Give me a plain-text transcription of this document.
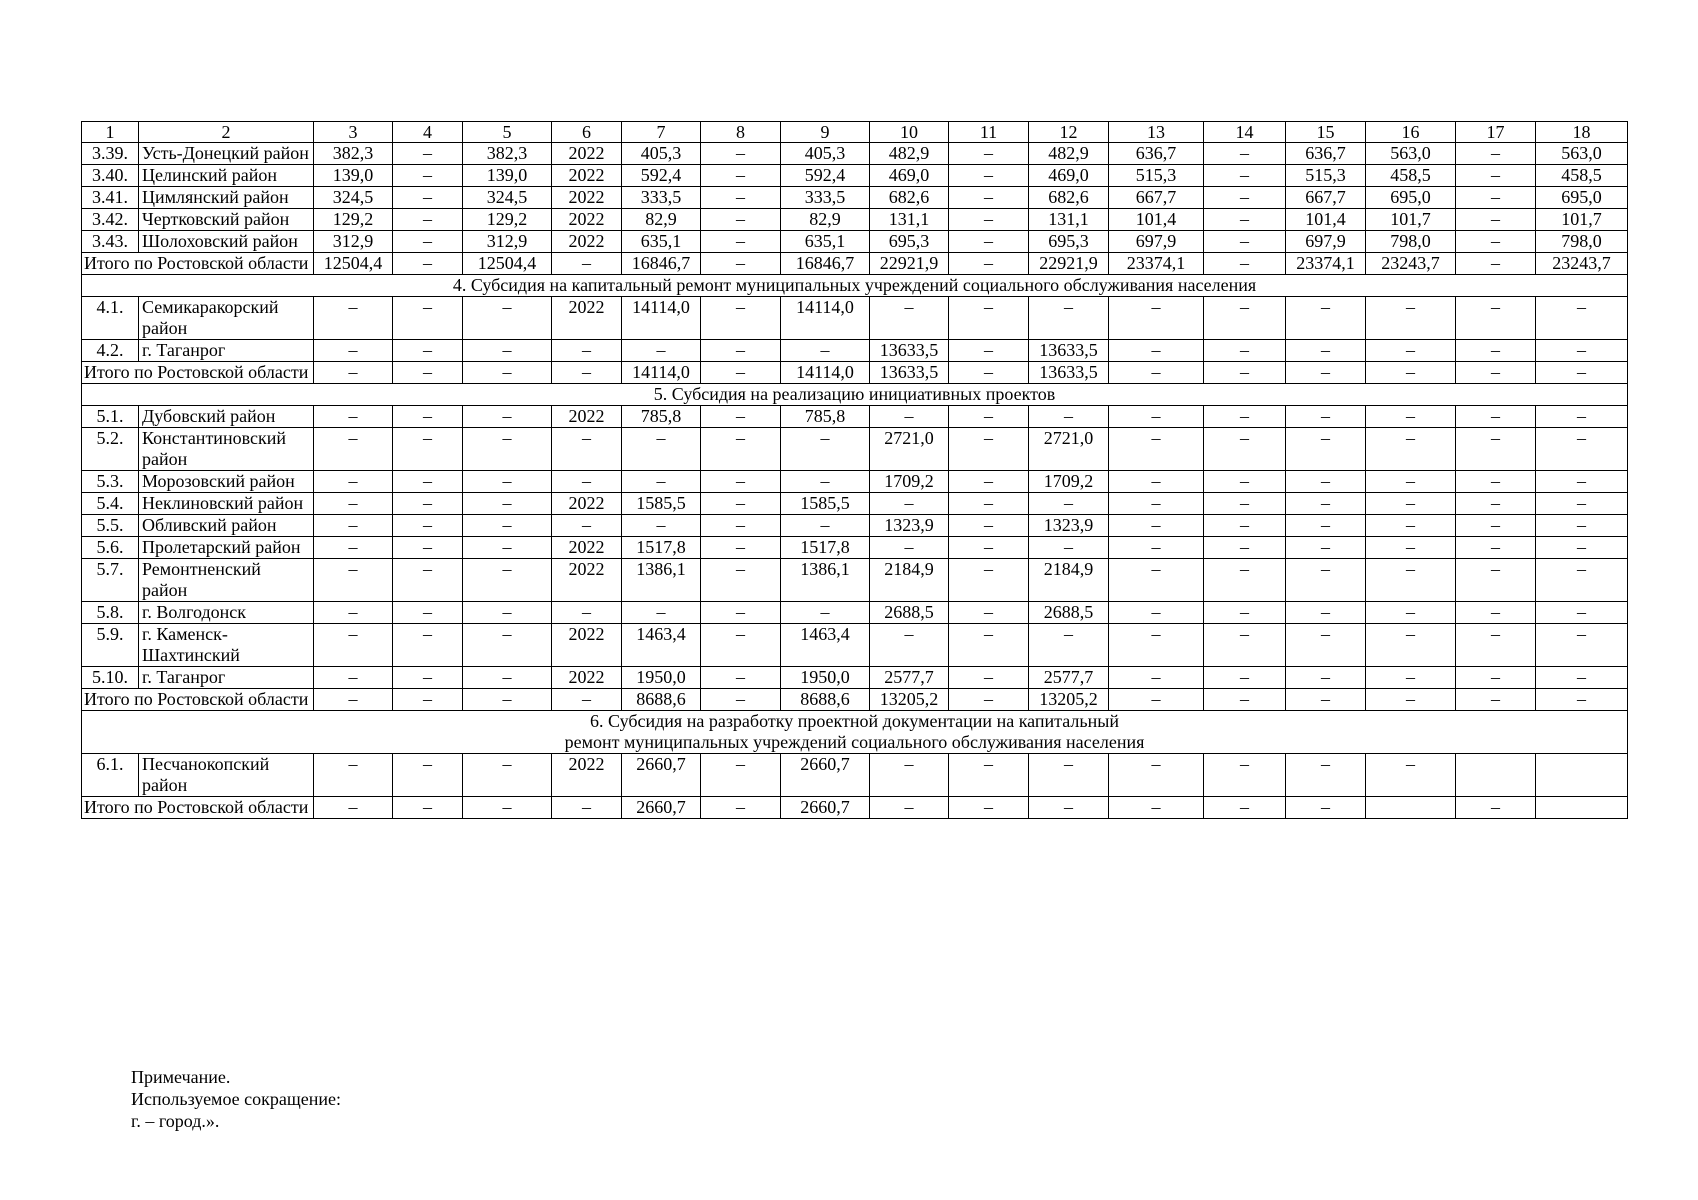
1	2	3	4	5	6	7	8	9	10	11	12	13	14	15	16	17	18
3.39.	Усть-Донецкий район	382,3	–	382,3	2022	405,3	–	405,3	482,9	–	482,9	636,7	–	636,7	563,0	–	563,0
3.40.	Целинский район	139,0	–	139,0	2022	592,4	–	592,4	469,0	–	469,0	515,3	–	515,3	458,5	–	458,5
3.41.	Цимлянский район	324,5	–	324,5	2022	333,5	–	333,5	682,6	–	682,6	667,7	–	667,7	695,0	–	695,0
3.42.	Чертковский район	129,2	–	129,2	2022	82,9	–	82,9	131,1	–	131,1	101,4	–	101,4	101,7	–	101,7
3.43.	Шолоховский район	312,9	–	312,9	2022	635,1	–	635,1	695,3	–	695,3	697,9	–	697,9	798,0	–	798,0
Итого по Ростовской области		12504,4	–	12504,4	–	16846,7	–	16846,7	22921,9	–	22921,9	23374,1	–	23374,1	23243,7	–	23243,7

4. Субсидия на капитальный ремонт муниципальных учреждений социального обслуживания населения																	

4.1.	Семикаракорский район	–	–	–	2022	14114,0	–	14114,0	–	–	–	–	–	–	–	–	–
4.2.	г. Таганрог	–	–	–	–	–	–	–	13633,5	–	13633,5	–	–	–	–	–	–
Итого по Ростовской области		–	–	–	–	14114,0	–	14114,0	13633,5	–	13633,5	–	–	–	–	–	–

5. Субсидия на реализацию инициативных проектов																	

5.1.	Дубовский район	–	–	–	2022	785,8	–	785,8	–	–	–	–	–	–	–	–	–
5.2.	Константиновский район	–	–	–	–	–	–	–	2721,0	–	2721,0	–	–	–	–	–	–
5.3.	Морозовский район	–	–	–	–	–	–	–	1709,2	–	1709,2	–	–	–	–	–	–
5.4.	Неклиновский район	–	–	–	2022	1585,5	–	1585,5	–	–	–	–	–	–	–	–	–
5.5.	Обливский район	–	–	–	–	–	–	–	1323,9	–	1323,9	–	–	–	–	–	–
5.6.	Пролетарский район	–	–	–	2022	1517,8	–	1517,8	–	–	–	–	–	–	–	–	–
5.7.	Ремонтненский район	–	–	–	2022	1386,1	–	1386,1	2184,9	–	2184,9	–	–	–	–	–	–
5.8.	г. Волгодонск	–	–	–	–	–	–	–	2688,5	–	2688,5	–	–	–	–	–	–
5.9.	г. Каменск-Шахтинский	–	–	–	2022	1463,4	–	1463,4	–	–	–	–	–	–	–	–	–
5.10.	г. Таганрог	–	–	–	2022	1950,0	–	1950,0	2577,7	–	2577,7	–	–	–	–	–	–
Итого по Ростовской области		–	–	–	–	8688,6	–	8688,6	13205,2	–	13205,2	–	–	–	–	–	–

6. Субсидия на разработку проектной документации на капитальный
ремонт муниципальных учреждений социального обслуживания населения																	

6.1.	Песчанокопский район	–	–	–	2022	2660,7	–	2660,7	–	–	–	–	–	–	–		
Итого по Ростовской области		–	–	–	–	2660,7	–	2660,7	–	–	–	–	–	–		–	
Примечание.
Используемое сокращение:
г. – город.».
